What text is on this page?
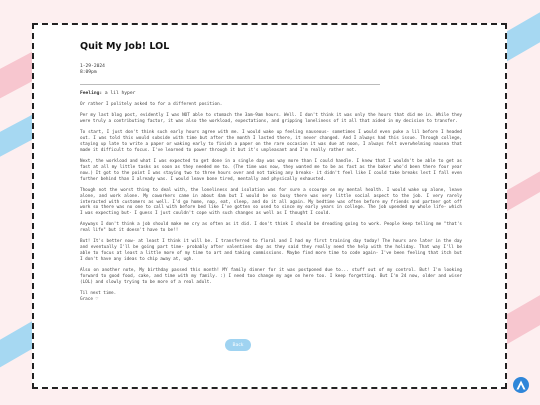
Quit My Job! LOL
1-29-2024
8:09pm
Feeling: a lil hyper

Or rather I politely asked to for a different position.

Per my last blog post, evidently I was NOT able to stomach the 3am-9am hours. Well. I don't think it was only the hours that did me in. While they were truly a contributing factor, it was also the workload, expectations, and gripping loneliness of it all that aided in my decision to transfer.

To start, I just don't think such early hours agree with me. I would wake up feeling nauseous- sometimes I would even puke a lil before I headed out. I was told this would subside with time but after the month I lasted there, it never changed. And I always had this issue. Through college, staying up late to write a paper or waking early to finish a paper on the rare occasion it was due at noon, I always felt overwhelming nausea that made it difficult to focus. I've learned to power through it but it's unpleasant and I'm really rather not.

Next, the workload and what I was expected to get done in a single day was way more than I could handle. I knew that I wouldn't be able to get as fast at all my little tasks as soon as they needed me to. (The time was now, they wanted me to be as fast as the baker who'd been there four year now.) It got to the point I was staying two to three hours over and not taking any breaks- it didn't feel like I could take breaks lest I fall even further behind than I already was. I would leave bone tired, mentally and physically exhausted.

Though not the worst thing to deal with, the loneliness and isolation was for sure a scourge on my mental health. I would wake up alone, leave alone, and work alone. My coworkers came in about 4am but I would be so busy there was very little social aspect to the job. I very rarely interacted with customers as well. I'd go home, nap, eat, sleep, and do it all again. My bedtime was often before my friends and partner got off work so there was no one to call with before bed like I've gotten so used to since my early years in college. The job upended my whole life- which I was expecting but- I guess I just couldn't cope with such changes as well as I thought I could.

Anyways I don't think a job should make me cry as often as it did. I don't think I should be dreading going to work. People keep telling me "that's real life" but it doesn't have to be!!

But! It's better now- at least I think it will be. I transferred to floral and I had my first training day today! The hours are later in the day and eventually I'll be going part time- probably after valentines day as they said they really need the help with the holiday. That way I'll be able to focus at least a little more of my time to art and taking commissions. Maybe find more time to code again- I've been feeling that itch but I don't have any ideas to chip away at, ugh.

Also on another note, My birthday passed this month! MY family dinner for it was postponed due to... stuff out of my control. But! I'm looking forward to good food, cake, and time with my family. :) I need too change my age on here too. I keep forgetting. But I'm 24 now, older and wiser (LOL) and slowly trying to be more of a real adult.

Til next time.
Grace ♡

Back
